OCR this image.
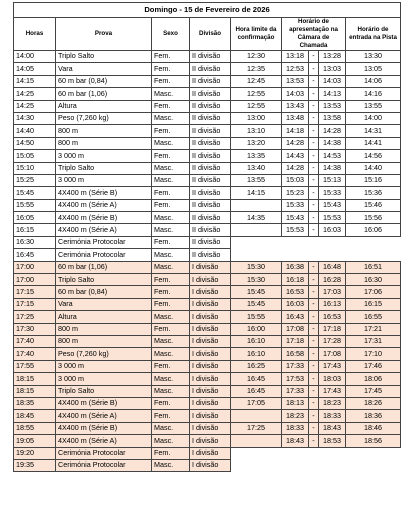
Domingo - 15 de Fevereiro de 2026								
Horas	Prova	Sexo	Divisão	Hora limite da confirmação	Horário de apresentação na Câmara de Chamada			Horário de entrada na Pista
14:00	Triplo Salto	Fem.	II divisão	12:30	13:18	-	13:28	13:30
14:05	Vara	Fem.	II divisão	12:35	12:53	-	13:03	13:05
14:15	60 m bar (0,84)	Fem.	II divisão	12:45	13:53	-	14:03	14:06
14:25	60 m bar (1,06)	Masc.	II divisão	12:55	14:03	-	14:13	14:16
14:25	Altura	Fem.	II divisão	12:55	13:43	-	13:53	13:55
14:30	Peso (7,260 kg)	Masc.	II divisão	13:00	13:48	-	13:58	14:00
14:40	800 m	Fem.	II divisão	13:10	14:18	-	14:28	14:31
14:50	800 m	Masc.	II divisão	13:20	14:28	-	14:38	14:41
15:05	3 000 m	Fem.	II divisão	13:35	14:43	-	14:53	14:56
15:10	Triplo Salto	Masc.	II divisão	13:40	14:28	-	14:38	14:40
15:25	3 000 m	Masc.	II divisão	13:55	15:03	-	15:13	15:16
15:45	4X400 m (Série B)	Fem.	II divisão	14:15	15:23	-	15:33	15:36
15:55	4X400 m (Série A)	Fem.	II divisão		15:33	-	15:43	15:46
16:05	4X400 m (Série B)	Masc.	II divisão	14:35	15:43	-	15:53	15:56
16:15	4X400 m (Série A)	Masc.	II divisão		15:53	-	16:03	16:06
16:30	Cerimónia Protocolar	Fem.	II divisão					
16:45	Cerimónia Protocolar	Masc.	II divisão					
17:00	60 m bar (1,06)	Masc.	I divisão	15:30	16:38	-	16:48	16:51
17:00	Triplo Salto	Fem.	I divisão	15:30	16:18	-	16:28	16:30
17:15	60 m bar (0,84)	Fem.	I divisão	15:45	16:53	-	17:03	17:06
17:15	Vara	Fem.	I divisão	15:45	16:03	-	16:13	16:15
17:25	Altura	Masc.	I divisão	15:55	16:43	-	16:53	16:55
17:30	800 m	Fem.	I divisão	16:00	17:08	-	17:18	17:21
17:40	800 m	Masc.	I divisão	16:10	17:18	-	17:28	17:31
17:40	Peso (7,260 kg)	Masc.	I divisão	16:10	16:58	-	17:08	17:10
17:55	3 000 m	Fem.	I divisão	16:25	17:33	-	17:43	17:46
18:15	3 000 m	Masc.	I divisão	16:45	17:53	-	18:03	18:06
18:15	Triplo Salto	Masc.	I divisão	16:45	17:33	-	17:43	17:45
18:35	4X400 m (Série B)	Fem.	I divisão	17:05	18:13	-	18:23	18:26
18:45	4X400 m (Série A)	Fem.	I divisão		18:23	-	18:33	18:36
18:55	4X400 m (Série B)	Masc.	I divisão	17:25	18:33	-	18:43	18:46
19:05	4X400 m (Série A)	Masc.	I divisão		18:43	-	18:53	18:56
19:20	Cerimónia Protocolar	Fem.	I divisão					
19:35	Cerimónia Protocolar	Masc.	I divisão					
